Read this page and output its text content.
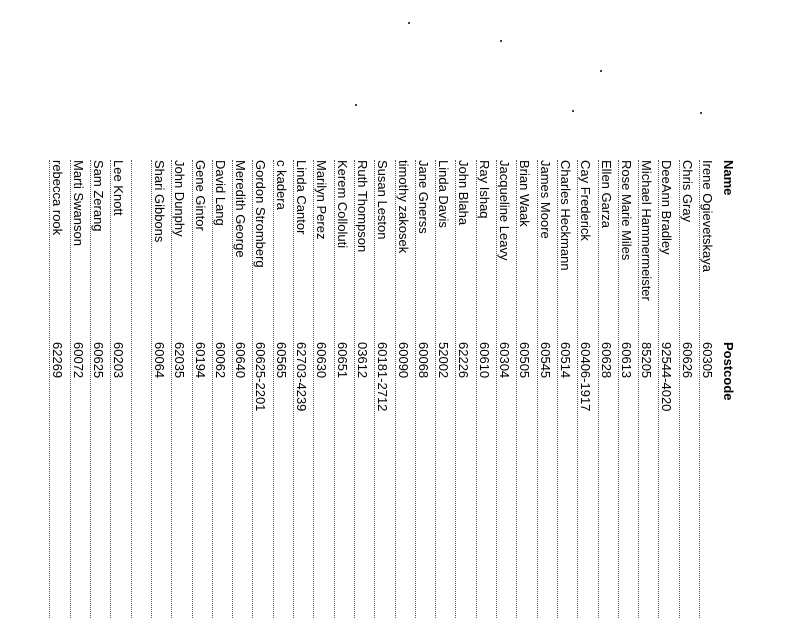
Name
Postcode
Irene Ogievetskaya
60305
Chris Gray
60626
DeeAnn Bradley
92544-4020
Michael Hammermeister
85205
Rose Marie Miles
60613
Ellen Garza
60628
Cay Frederick
60406-1917
Charles Heckmann
60514
James Moore
60545
Brian Waak
60505
Jacqueline Leavy
60304
Ray Ishaq
60610
John Blaha
62226
Linda Davis
52002
Jane Gnerss
60068
timothy zakosek
60090
Susan Leston
60181-2712
Ruth Thompson
03612
Kerem Colloluti
60651
Marilyn Perez
60630
Linda Cantor
62703-4239
c kadera
60565
Gordon Stromberg
60625-2201
Meredith George
60640
David Lang
60062
Gene Gintor
60194
John Dunphy
62035
Shari Gibbons
60064
Lee Knott
60203
Sam Zerang
60625
Marti Swanson
60072
rebecca rook
62269
